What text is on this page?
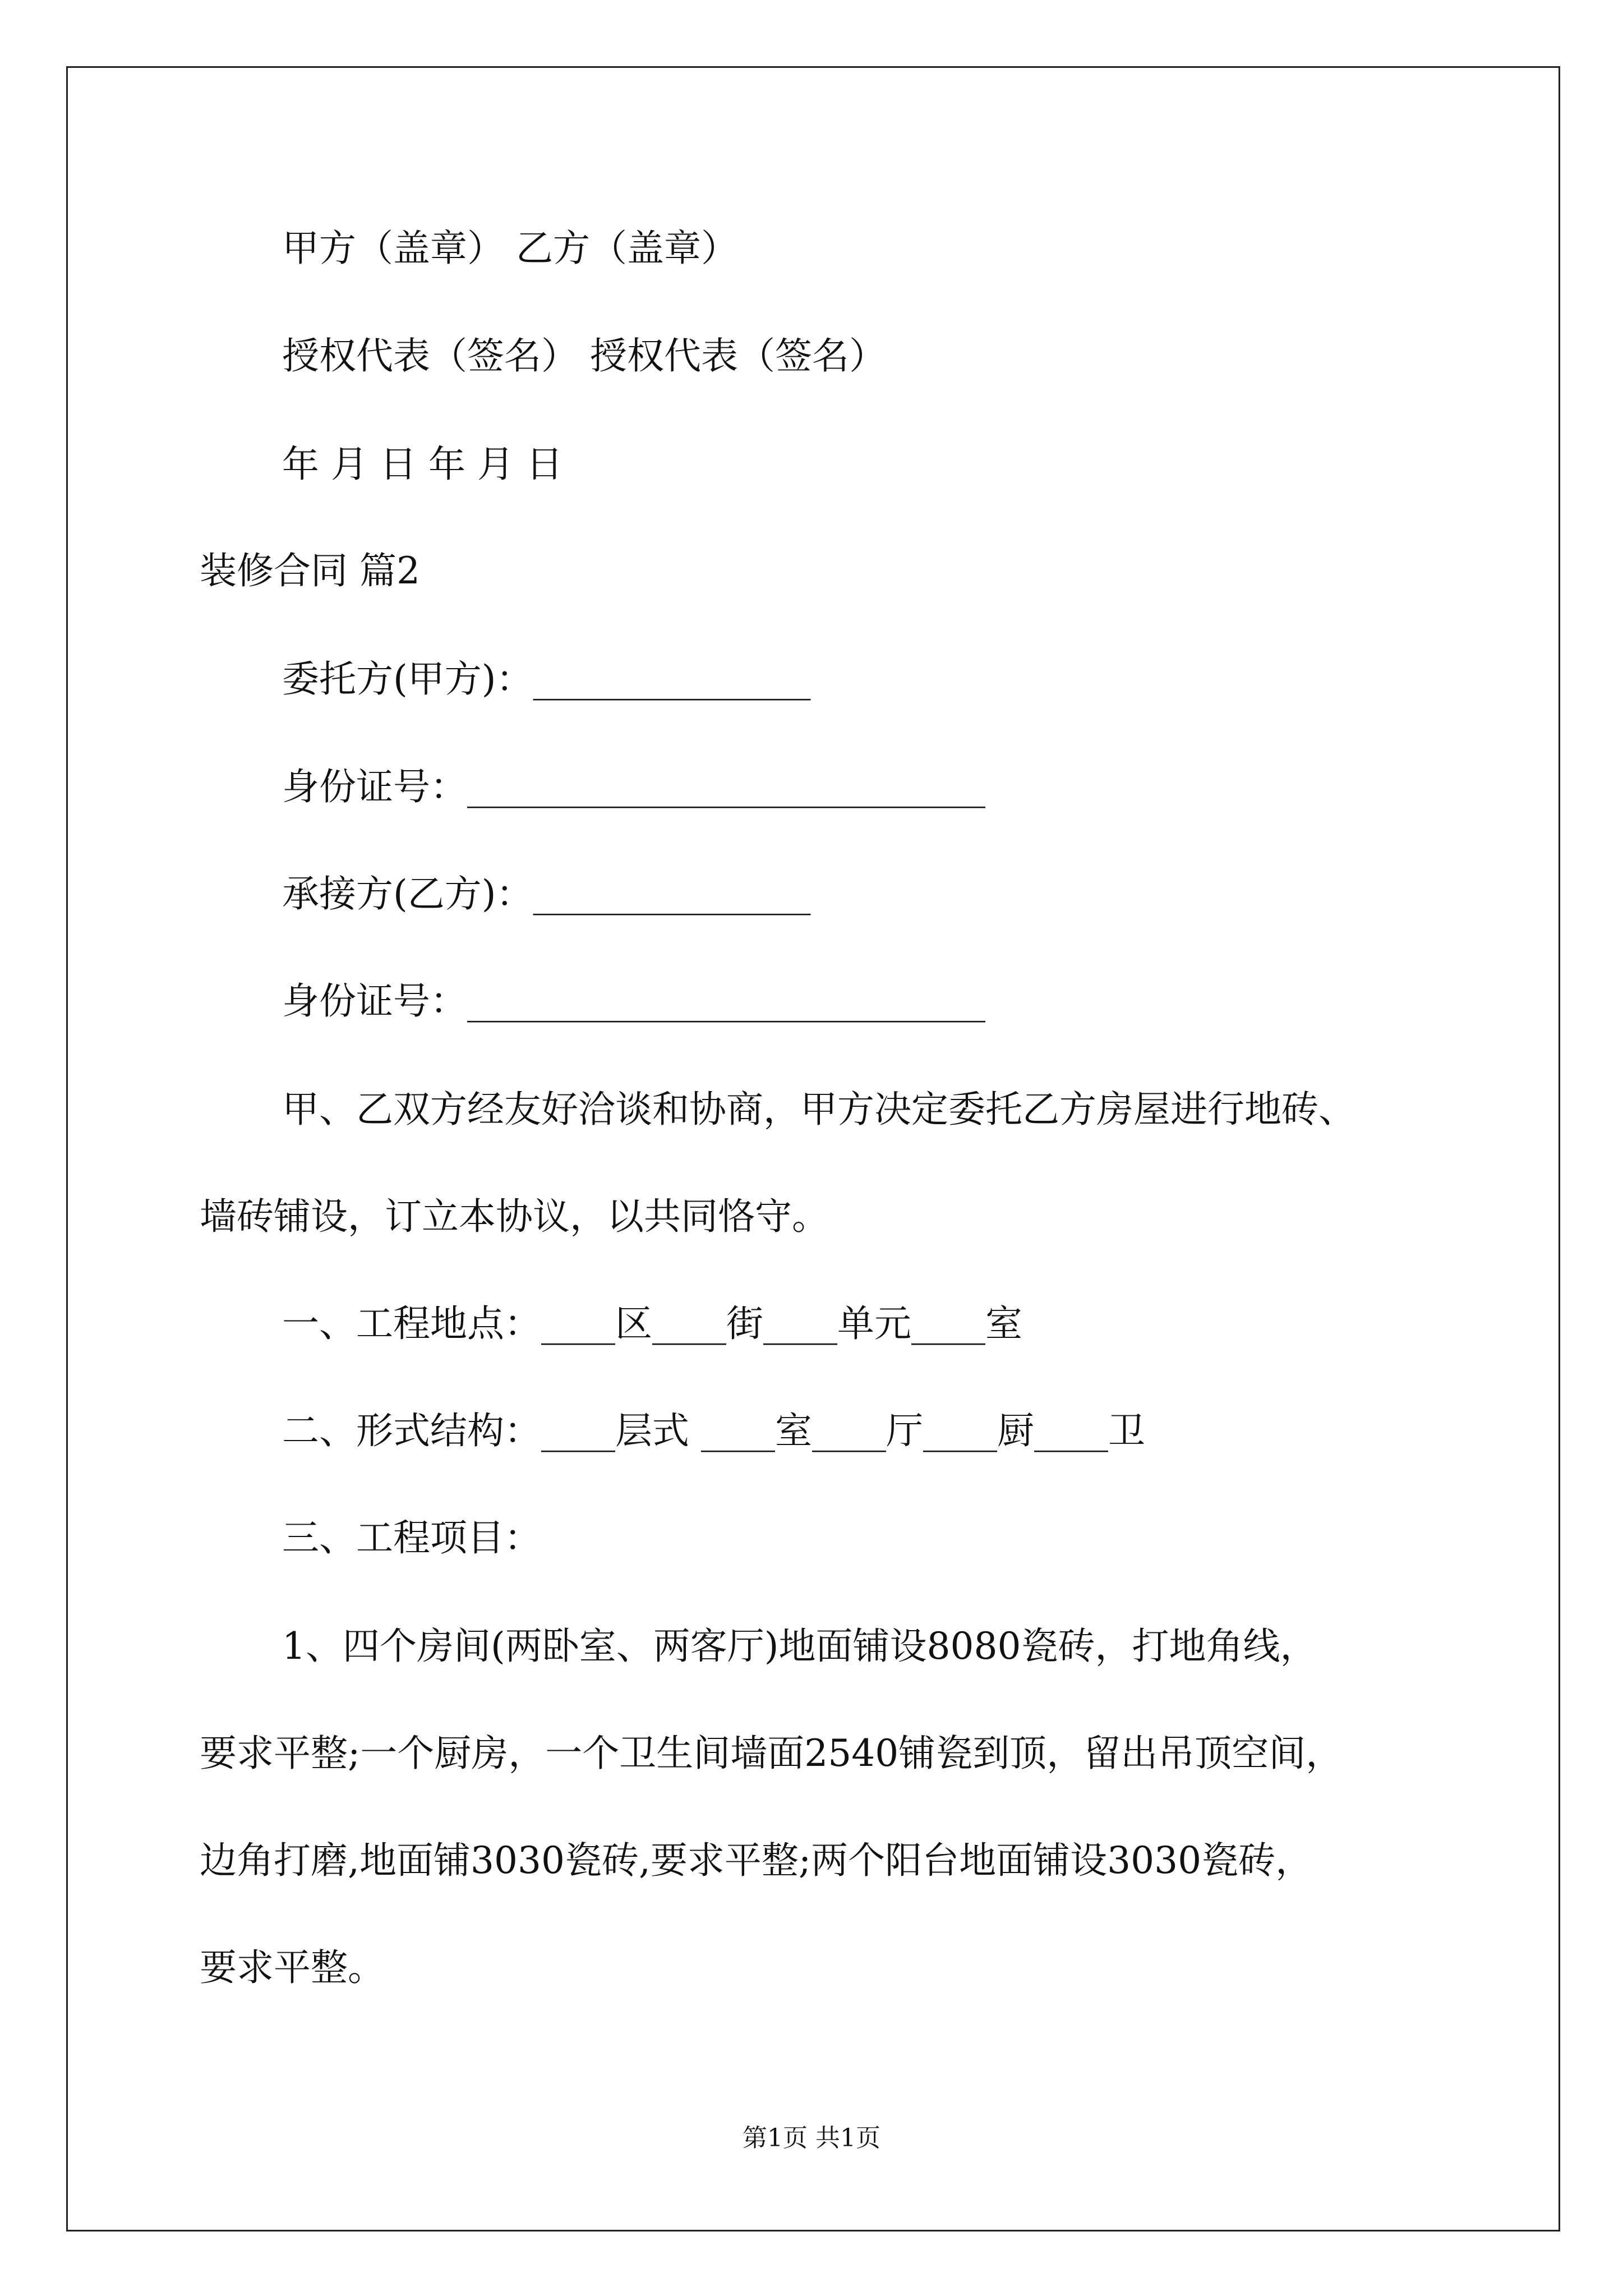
甲方（盖章） 乙方（盖章）
授权代表（签名） 授权代表（签名）
年 月 日 年 月 日
装修合同 篇2
委托方(甲方)：_______________
身份证号：____________________________
承接方(乙方)：_______________
身份证号：____________________________
甲、乙双方经友好洽谈和协商，甲方决定委托乙方房屋进行地砖、
墙砖铺设，订立本协议，以共同恪守。
一、工程地点：____区____街____单元____室
二、形式结构：____层式 ____室____厅____厨____卫
三、工程项目：
1、四个房间(两卧室、两客厅)地面铺设8080瓷砖，打地角线，
要求平整;一个厨房，一个卫生间墙面2540铺瓷到顶，留出吊顶空间，
边角打磨,地面铺3030瓷砖,要求平整;两个阳台地面铺设3030瓷砖，
要求平整。
第1页 共1页
